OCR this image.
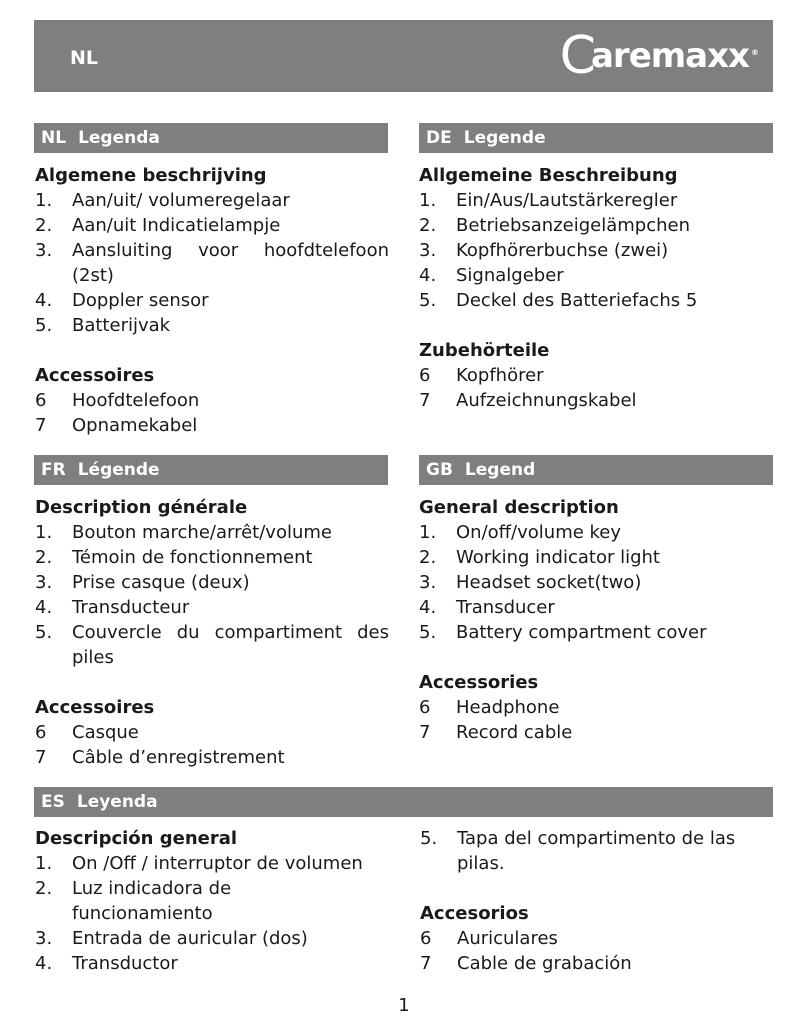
NL	C
aremaxx ®
NL Legenda
Algemene beschrijving
1.	Aan/uit/ volumeregelaar
2.	Aan/uit Indicatielampje
3.	Aansluiting voor hoofdtelefoon
(2st)
4.	Doppler sensor
5.	Batterijvak
Accessoires
6	Hoofdtelefoon
7	Opnamekabel
DE Legende
Allgemeine Beschreibung
1.	Ein/Aus/Lautstärkeregler
2.	Betriebsanzeigelämpchen
3.	Kopfhörerbuchse (zwei)
4.	Signalgeber
5.	Deckel des Batteriefachs 5
Zubehörteile
6	Kopfhörer
7	Aufzeichnungskabel
FR Légende
Description générale
1.	Bouton marche/arrêt/volume
2.	Témoin de fonctionnement
3.	Prise casque (deux)
4.	Transducteur
5.	Couvercle du compartiment des
piles
Accessoires
6	Casque
7	Câble d’enregistrement
GB Legend
General description
1.	On/off/volume key
2.	Working indicator light
3.	Headset socket(two)
4.	Transducer
5.	Battery compartment cover
Accessories
6	Headphone
7	Record cable
ES Leyenda
Descripción general
1.	On /Off / interruptor de volumen
2.	Luz indicadora de
funcionamiento
3.	Entrada de auricular (dos)
4.	Transductor
5.	Tapa del compartimento de las
pilas.
Accesorios
6	Auriculares
7	Cable de grabación
1
